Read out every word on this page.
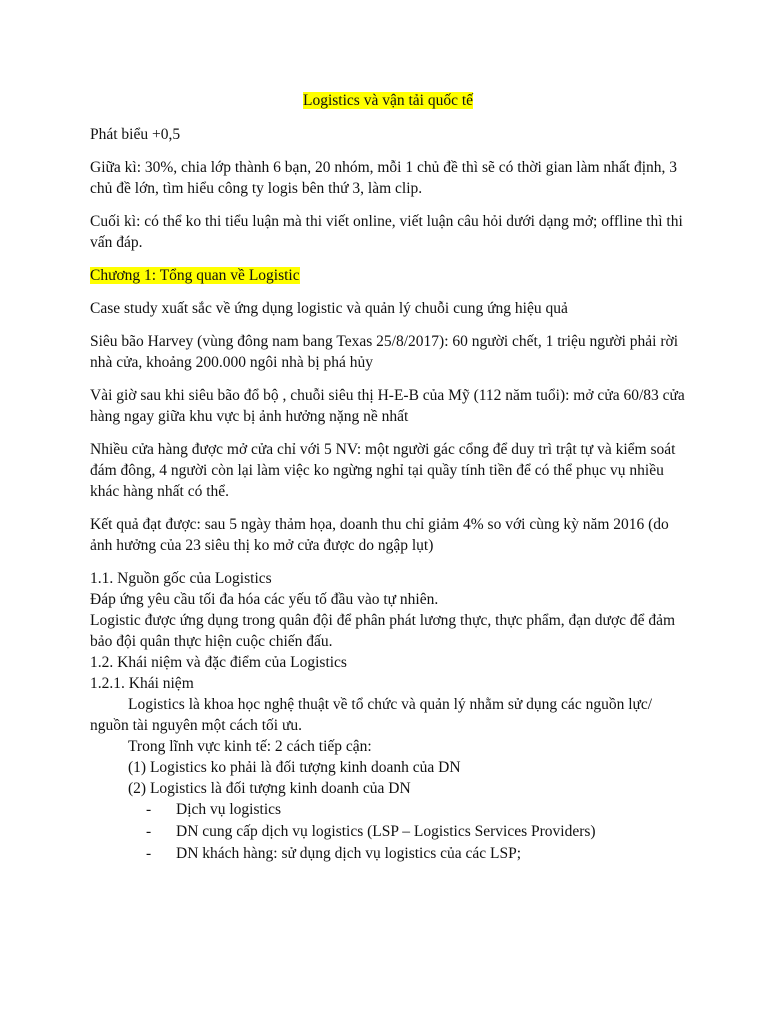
Logistics và vận tải quốc tế

Phát biểu +0,5

Giữa kì: 30%, chia lớp thành 6 bạn, 20 nhóm, mỗi 1 chủ đề thì sẽ có thời gian làm nhất định, 3 chủ đề lớn, tìm hiểu công ty logis bên thứ 3, làm clip.

Cuối kì: có thể ko thi tiểu luận mà thi viết online, viết luận câu hỏi dưới dạng mở; offline thì thi vấn đáp.

Chương 1: Tổng quan về Logistic

Case study xuất sắc về ứng dụng logistic và quản lý chuỗi cung ứng hiệu quả

Siêu bão Harvey (vùng đông nam bang Texas 25/8/2017): 60 người chết, 1 triệu người phải rời nhà cửa, khoảng 200.000 ngôi nhà bị phá hủy

Vài giờ sau khi siêu bão đổ bộ , chuỗi siêu thị H-E-B của Mỹ (112 năm tuổi): mở cửa 60/83 cửa hàng ngay giữa khu vực bị ảnh hưởng nặng nề nhất

Nhiều cửa hàng được mở cửa chỉ với 5 NV: một người gác cổng để duy trì trật tự và kiểm soát đám đông, 4 người còn lại làm việc ko ngừng nghỉ tại quầy tính tiền để có thể phục vụ nhiều khác hàng nhất có thể.

Kết quả đạt được: sau 5 ngày thảm họa, doanh thu chỉ giảm 4% so với cùng kỳ năm 2016 (do ảnh hưởng của 23 siêu thị ko mở cửa được do ngập lụt)

1.1. Nguồn gốc của Logistics

Đáp ứng yêu cầu tối đa hóa các yếu tố đầu vào tự nhiên.

Logistic được ứng dụng trong quân đội để phân phát lương thực, thực phẩm, đạn dược để đảm bảo đội quân thực hiện cuộc chiến đấu.

1.2. Khái niệm và đặc điểm của Logistics

1.2.1. Khái niệm

Logistics là khoa học nghệ thuật về tổ chức và quản lý nhằm sử dụng các nguồn lực/ nguồn tài nguyên một cách tối ưu.

Trong lĩnh vực kinh tế: 2 cách tiếp cận:

(1) Logistics ko phải là đối tượng kinh doanh của DN

(2) Logistics là đối tượng kinh doanh của DN

- Dịch vụ logistics
- DN cung cấp dịch vụ logistics (LSP – Logistics Services Providers)
- DN khách hàng: sử dụng dịch vụ logistics của các LSP;
